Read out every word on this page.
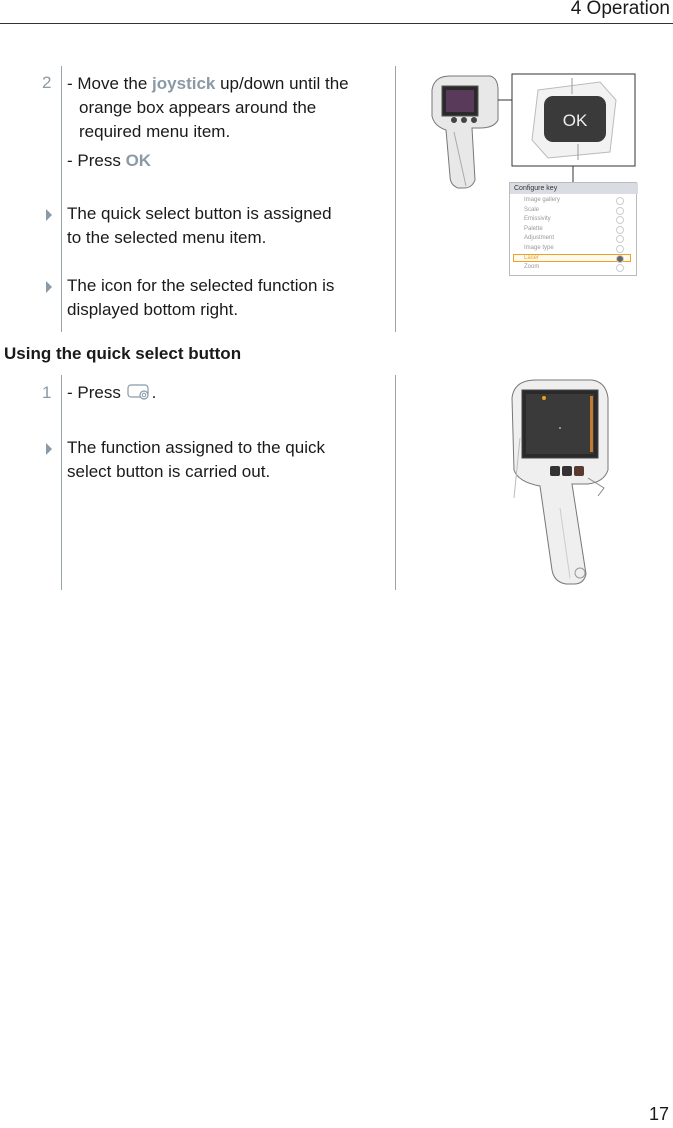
4 Operation
2 - Move the joystick up/down until the
orange box appears around the
required menu item.
- Press OK
The quick select button is assigned
to the selected menu item.
The icon for the selected function is
displayed bottom right.
OK
Configure key
Image gallery
Scale
Emissivity
Palette
Adjustment
Image type
Laser
Zoom
Using the quick select button
1 - Press .
The function assigned to the quick
select button is carried out.
17
